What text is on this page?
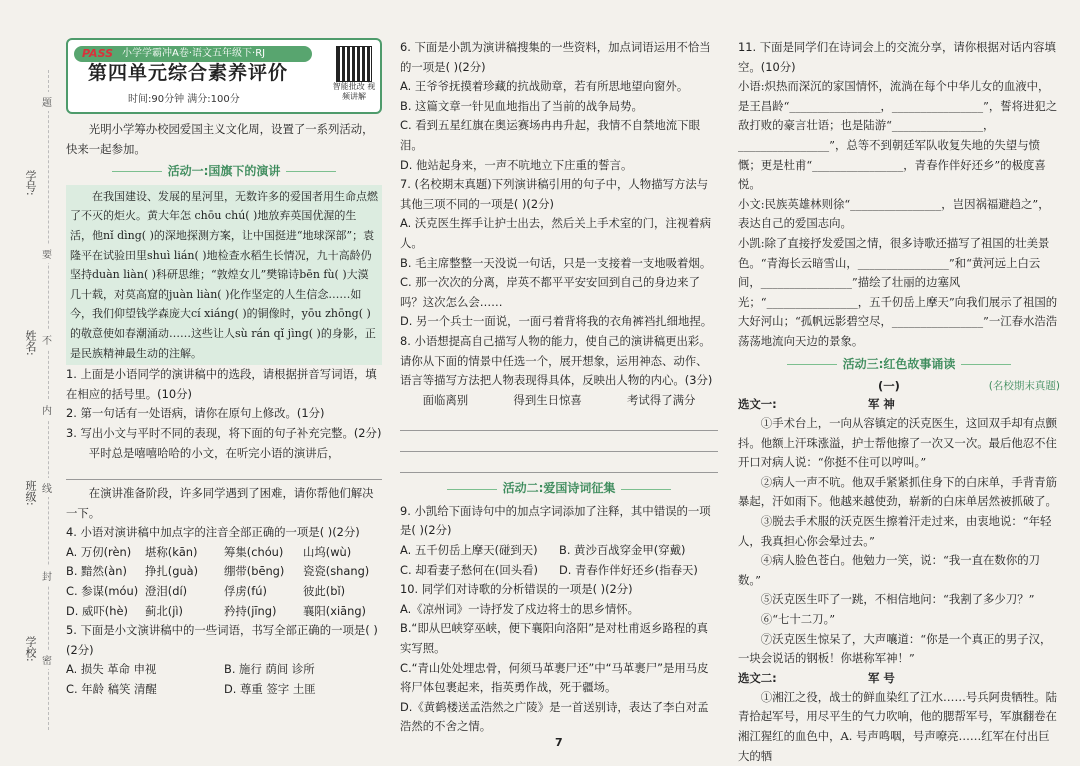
学号:
姓名:
班级:
学校:
题
要
不
内
线
封
密
PASS 小学学霸冲A卷·语文五年级下·RJ
第四单元综合素养评价
时间:90分钟 满分:100分
智能批改 视频讲解

光明小学筹办校园爱国主义文化周，设置了一系列活动，快来一起参加。

活动一:国旗下的演讲
在我国建设、发展的星河里，无数许多的爱国者用生命点燃了不灭的炬火。黄大年怎 chōu chú( )地放弃英国优渥的生活，他nǐ dìng( )的深地探测方案，让中国挺进“地球深部”；袁隆平在试验田里shuì lián( )地检查水稻生长情况，九十高龄仍坚持duàn liàn( )科研思维；“敦煌女儿”樊锦诗bēn fù( )大漠几十载，对莫高窟的juàn liàn( )化作坚定的人生信念……如今，我们仰望钱学森庞大cí xiáng( )的铜像时，yōu zhōng( )的敬意使如春潮涌动……这些让人sù rán qǐ jìng( )的身影，正是民族精神最生动的注解。

1. 上面是小语同学的演讲稿中的选段，请根据拼音写词语，填在相应的括号里。(10分)

2. 第一句话有一处语病，请你在原句上修改。(1分)

3. 写出小文与平时不同的表现，将下面的句子补充完整。(2分)

平时总是嘻嘻哈哈的小文，在听完小语的演讲后，

在演讲准备阶段，许多同学遇到了困难，请你帮他们解决一下。

4. 小语对演讲稿中加点字的注音全部正确的一项是( )(2分)

A. 万仞(rèn)	堪称(kān)	筹集(chóu)	山坞(wù)
B. 黯然(àn)	挣扎(guà)	绷带(bēng)	瓷瓷(shang)
C. 参谋(móu) 澄泪(dí)	俘虏(fú)	彼此(bǐ)
D. 威吓(hè)	蓟北(jì)	矜持(jīng)	襄阳(xiāng)

5. 下面是小文演讲稿中的一些词语，书写全部正确的一项是( )(2分)

A. 损失 革命 申视	B. 施行 荫间 诊所
C. 年龄 稿笑 清醒	D. 尊重 签字 土匪

6. 下面是小凯为演讲稿搜集的一些资料，加点词语运用不恰当的一项是( )(2分)

A. 王爷爷抚摸着珍藏的抗战勋章，若有所思地望向窗外。

B. 这篇文章一针见血地指出了当前的战争局势。

C. 看到五星红旗在奥运赛场冉冉升起，我情不自禁地流下眼泪。

D. 他站起身来，一声不吭地立下庄重的誓言。

7. (名校期末真题)下列演讲稿引用的句子中，人物描写方法与其他三项不同的一项是( )(2分)

A. 沃克医生挥手让护士出去，然后关上手术室的门，注视着病人。

B. 毛主席整整一天没说一句话，只是一支接着一支地吸着烟。

C. 那一次次的分离，岸英不都平平安安回到自己的身边来了吗？这次怎么会……

D. 另一个兵士一面说，一面弓着背将我的衣角裤裆扎细地捏。

8. 小语想提高自己描写人物的能力，使自己的演讲稿更出彩。请你从下面的情景中任选一个，展开想象，运用神态、动作、语言等描写方法把人物表现得具体，反映出人物的内心。(3分)

面临离别	得到生日惊喜	考试得了满分
活动二:爱国诗词征集

9. 小凯给下面诗句中的加点字词添加了注释，其中错误的一项是( )(2分)

A. 五千仞岳上摩天(碰到天)	B. 黄沙百战穿金甲(穿戴)
C. 却看妻子愁何在(回头看)	D. 青春作伴好还乡(指春天)

10. 同学们对诗歌的分析错误的一项是( )(2分)

A.《凉州词》一诗抒发了戍边将士的思乡情怀。

B.“即从巴峡穿巫峡，便下襄阳向洛阳”是对杜甫返乡路程的真实写照。

C.“青山处处埋忠骨，何须马革裹尸还”中“马革裹尸”是用马皮将尸体包裹起来，指英勇作战，死于疆场。

D.《黄鹤楼送孟浩然之广陵》是一首送别诗，表达了李白对孟浩然的不舍之情。

11. 下面是同学们在诗词会上的交流分享，请你根据对话内容填空。(10分)

小语:炽热而深沉的家国情怀，流淌在每个中华儿女的血液中，是王昌龄“________________，________________”，誓将进犯之敌打败的豪言壮语；也是陆游“________________，________________”，总等不到朝廷军队收复失地的失望与愤慨；更是杜甫“________________，青春作伴好还乡”的极度喜悦。

小文:民族英雄林则徐“________________，岂因祸福避趋之”，表达自己的爱国志向。

小凯:除了直接抒发爱国之情，很多诗歌还描写了祖国的壮美景色。“青海长云暗雪山，________________”和“黄河远上白云间，________________”描绘了壮丽的边塞风光；“________________，五千仞岳上摩天”向我们展示了祖国的大好河山；“孤帆远影碧空尽，________________”一江春水浩浩荡荡地流向天边的景象。

活动三:红色故事诵读
(一)	(名校期末真题)
选文一:	军 神

①手术台上，一向从容镇定的沃克医生，这回双手却有点颤抖。他额上汗珠涨溢，护士帮他擦了一次又一次。最后他忍不住开口对病人说：“你挺不住可以哼叫。”

②病人一声不吭。他双手紧紧抓住身下的白床单，手背青筋暴起，汗如雨下。他越来越使劲，崭新的白床单居然被抓破了。

③脱去手术服的沃克医生擦着汗走过来，由衷地说：“年轻人，我真担心你会晕过去。”

④病人脸色苍白。他勉力一笑，说：“我一直在数你的刀数。”

⑤沃克医生吓了一跳，不相信地问：“我割了多少刀？”

⑥“七十二刀。”

⑦沃克医生惊呆了，大声嚷道：“你是一个真正的男子汉，一块会说话的钢板！你堪称军神！”

选文二:	军 号

①湘江之役，战士的鲜血染红了江水……号兵阿贵牺牲。陆青拾起军号，用尽平生的气力吹响，他的腮帮军号，军旗翻卷在湘江猩红的血色中，A. 号声鸣咽，号声嘹亮……红军在付出巨大的牺

7
